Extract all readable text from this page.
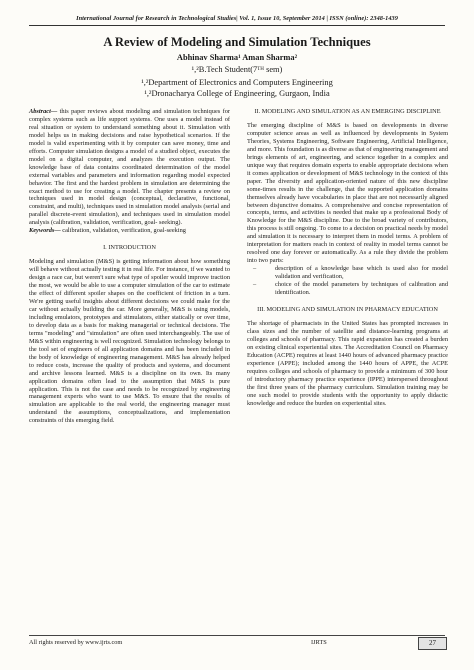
International Journal for Research in Technological Studies| Vol. 1, Issue 10, September 2014 | ISSN (online): 2348-1439
A Review of Modeling and Simulation Techniques
Abhinav Sharma¹ Aman Sharma²
¹,²B.Tech Student(7ᵀᴴ sem)
¹,²Department of Electronics and Computers Engineering
¹,²Dronacharya College of Engineering, Gurgaon, India

Abstract— this paper reviews about modeling and simulation techniques for complex systems such as life support systems. One uses a model instead of real situation or system to understand something about it. Simulation with model helps us in making decisions and raise hypothetical scenarios. If the model is valid experimenting with it by computer can save money, time and efforts. Computer simulation designs a model of a studied object, executes the model on a digital computer, and analyzes the execution output. The knowledge base of data contains coordinated determination of the model external variables and parameters and information regarding model expected behavior. The first and the hardest problem in simulation are determining the exact method to use for creating a model. The chapter presents a review on techniques used in model design (conceptual, declarative, functional, constraint, and multi), techniques used in simulation model analysis (serial and parallel discrete-event simulation), and techniques used in simulation model analysis (calibration, validation, verification, goal- seeking).

Keywords— calibration, validation, verification, goal-seeking

I. INTRODUCTION

Modeling and simulation (M&S) is getting information about how something will behave without actually testing it in real life. For instance, if we wanted to design a race car, but weren't sure what type of spoiler would improve traction the most, we would be able to use a computer simulation of the car to estimate the effect of different spoiler shapes on the coefficient of friction in a turn. We're getting useful insights about different decisions we could make for the car without actually building the car. More generally, M&S is using models, including emulators, prototypes and stimulators, either statically or over time, to develop data as a basis for making managerial or technical decisions. The terms "modeling" and "simulation" are often used interchangeably. The use of M&S within engineering is well recognized. Simulation technology belongs to the tool set of engineers of all application domains and has been included in the body of knowledge of engineering management. M&S has already helped to reduce costs, increase the quality of products and systems, and document and archive lessons learned. M&S is a discipline on its own. Its many application domains often lead to the assumption that M&S is pure application. This is not the case and needs to be recognized by engineering management experts who want to use M&S. To ensure that the results of simulation are applicable to the real world, the engineering manager must understand the assumptions, conceptualizations, and implementation constraints of this emerging field.

II. MODELING AND SIMULATION AS AN EMERGING DISCIPLINE

The emerging discipline of M&S is based on developments in diverse computer science areas as well as influenced by developments in System Theories, Systems Engineering, Software Engineering, Artificial Intelligence, and more. This foundation is as diverse as that of engineering management and brings elements of art, engineering, and science together in a complex and unique way that requires domain experts to enable appropriate decisions when it comes application or development of M&S technology in the context of this paper. The diversity and application-oriented nature of this new discipline some-times results in the challenge, that the supported application domains themselves already have vocabularies in place that are not necessarily aligned between disjunctive domains. A comprehensive and concise representation of concepts, terms, and activities is needed that make up a professional Body of Knowledge for the M&S discipline. Due to the broad variety of contributors, this process is still ongoing. To come to a decision on practical needs by model and simulation it is necessary to interpret them in model terms. A problem of interpretation for matters reach in context of reality in model terms cannot be resolved one day forever or automatically. As a rule they divide the problem into two parts:

–	description of a knowledge base which is used also for model validation and verification,
–	choice of the model parameters by techniques of calibration and identification.
III. MODELING AND SIMULATION IN PHARMACY EDUCATION

The shortage of pharmacists in the United States has prompted increases in class sizes and the number of satellite and distance-learning programs at colleges and schools of pharmacy. This rapid expansion has created a burden on existing clinical experiential sites. The Accreditation Council on Pharmacy Education (ACPE) requires at least 1440 hours of advanced pharmacy practice experience (APPE); included among the 1440 hours of APPE, the ACPE requires colleges and schools of pharmacy to provide a minimum of 300 hour of introductory pharmacy practice experience (IPPE) interspersed throughout the first three years of the pharmacy curriculum. Simulation training may be one such model to provide students with the opportunity to apply didactic knowledge and reduce the burden on experiential sites.

All rights reserved by www.ijrts.com	IJRTS	27
